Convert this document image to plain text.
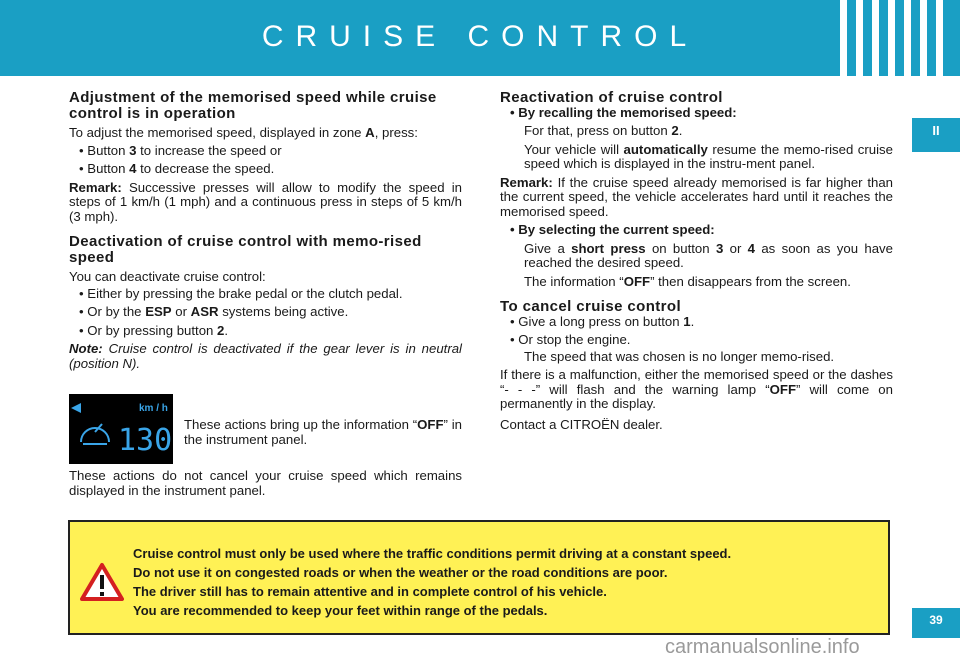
CRUISE CONTROL
II
39
Adjustment of the memorised speed while cruise control is in operation

To adjust the memorised speed, displayed in zone A, press:

• Button 3 to increase the speed or

• Button 4 to decrease the speed.

Remark: Successive presses will allow to modify the speed in steps of 1 km/h (1 mph) and a continuous press in steps of 5 km/h (3 mph).

Deactivation of cruise control with memo-rised speed

You can deactivate cruise control:

• Either by pressing the brake pedal or the clutch pedal.

• Or by the ESP or ASR systems being active.

• Or by pressing button 2.

Note: Cruise control is deactivated if the gear lever is in neutral (position N).

km / h
130 These actions bring up the information “OFF” in the instrument panel.
These actions do not cancel your cruise speed which remains displayed in the instrument panel.
Reactivation of cruise control

• By recalling the memorised speed:

For that, press on button 2.

Your vehicle will automatically resume the memo-rised cruise speed which is displayed in the instru-ment panel.

Remark: If the cruise speed already memorised is far higher than the current speed, the vehicle accelerates hard until it reaches the memorised speed.

• By selecting the current speed:

Give a short press on button 3 or 4 as soon as you have reached the desired speed.

The information “OFF” then disappears from the screen.

To cancel cruise control

• Give a long press on button 1.

• Or stop the engine.

The speed that was chosen is no longer memo-rised.

If there is a malfunction, either the memorised speed or the dashes “- - -” will flash and the warning lamp “OFF” will come on permanently in the display.

Contact a CITROËN dealer.

Cruise control must only be used where the traffic conditions permit driving at a constant speed.
Do not use it on congested roads or when the weather or the road conditions are poor.
The driver still has to remain attentive and in complete control of his vehicle.
You are recommended to keep your feet within range of the pedals.
carmanualsonline.info
